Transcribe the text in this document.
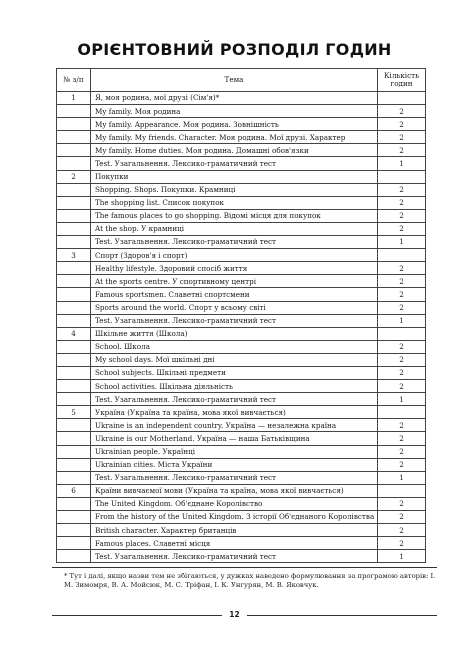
ОРІЄНТОВНИЙ РОЗПОДІЛ ГОДИН
№ з/п	Тема	Кількість годин
1	Я, моя родина, мої друзі (Сім'я)*	
	My family. Моя родина	2
	My family. Appearance. Моя родина. Зовнішність	2
	My family. My friends. Character. Моя родина. Мої друзі. Характер	2
	My family. Home duties. Моя родина. Домашні обов'язки	2
	Test. Узагальнення. Лексико-граматичний тест	1
2	Покупки	
	Shopping. Shops. Покупки. Крамниці	2
	The shopping list. Список покупок	2
	The famous places to go shopping. Відомі місця для покупок	2
	At the shop. У крамниці	2
	Test. Узагальнення. Лексико-граматичний тест	1
3	Спорт (Здоров'я і спорт)	
	Healthy lifestyle. Здоровий спосіб життя	2
	At the sports centre. У спортивному центрі	2
	Famous sportsmen. Славетні спортсмени	2
	Sports around the world. Спорт у всьому світі	2
	Test. Узагальнення. Лексико-граматичний тест	1
4	Шкільне життя (Школа)	
	School. Школа	2
	My school days. Мої шкільні дні	2
	School subjects. Шкільні предмети	2
	School activities. Шкільна діяльність	2
	Test. Узагальнення. Лексико-граматичний тест	1
5	Україна (Україна та країна, мова якої вивчається)	
	Ukraine is an independent country. Україна — незалежна країна	2
	Ukraine is our Motherland. Україна — наша Батьківщина	2
	Ukrainian people. Українці	2
	Ukrainian cities. Міста України	2
	Test. Узагальнення. Лексико-граматичний тест	1
6	Країни вивчаємої мови (Україна та країна, мова якої вивчається)	
	The United Kingdom. Об'єднане Королівство	2
	From the history of the United Kingdom. З історії Об'єднаного Королівства	2
	British character. Характер британців	2
	Famous places. Славетні місця	2
	Test. Узагальнення. Лексико-граматичний тест	1
* Тут і далі, якщо назви тем не збігаються, у дужках наведено формулювання за програмою авторів: І. М. Зимомря, В. А. Мойсюк, М. С. Тріфан, І. К. Унгурян, М. В. Яковчук.
12
